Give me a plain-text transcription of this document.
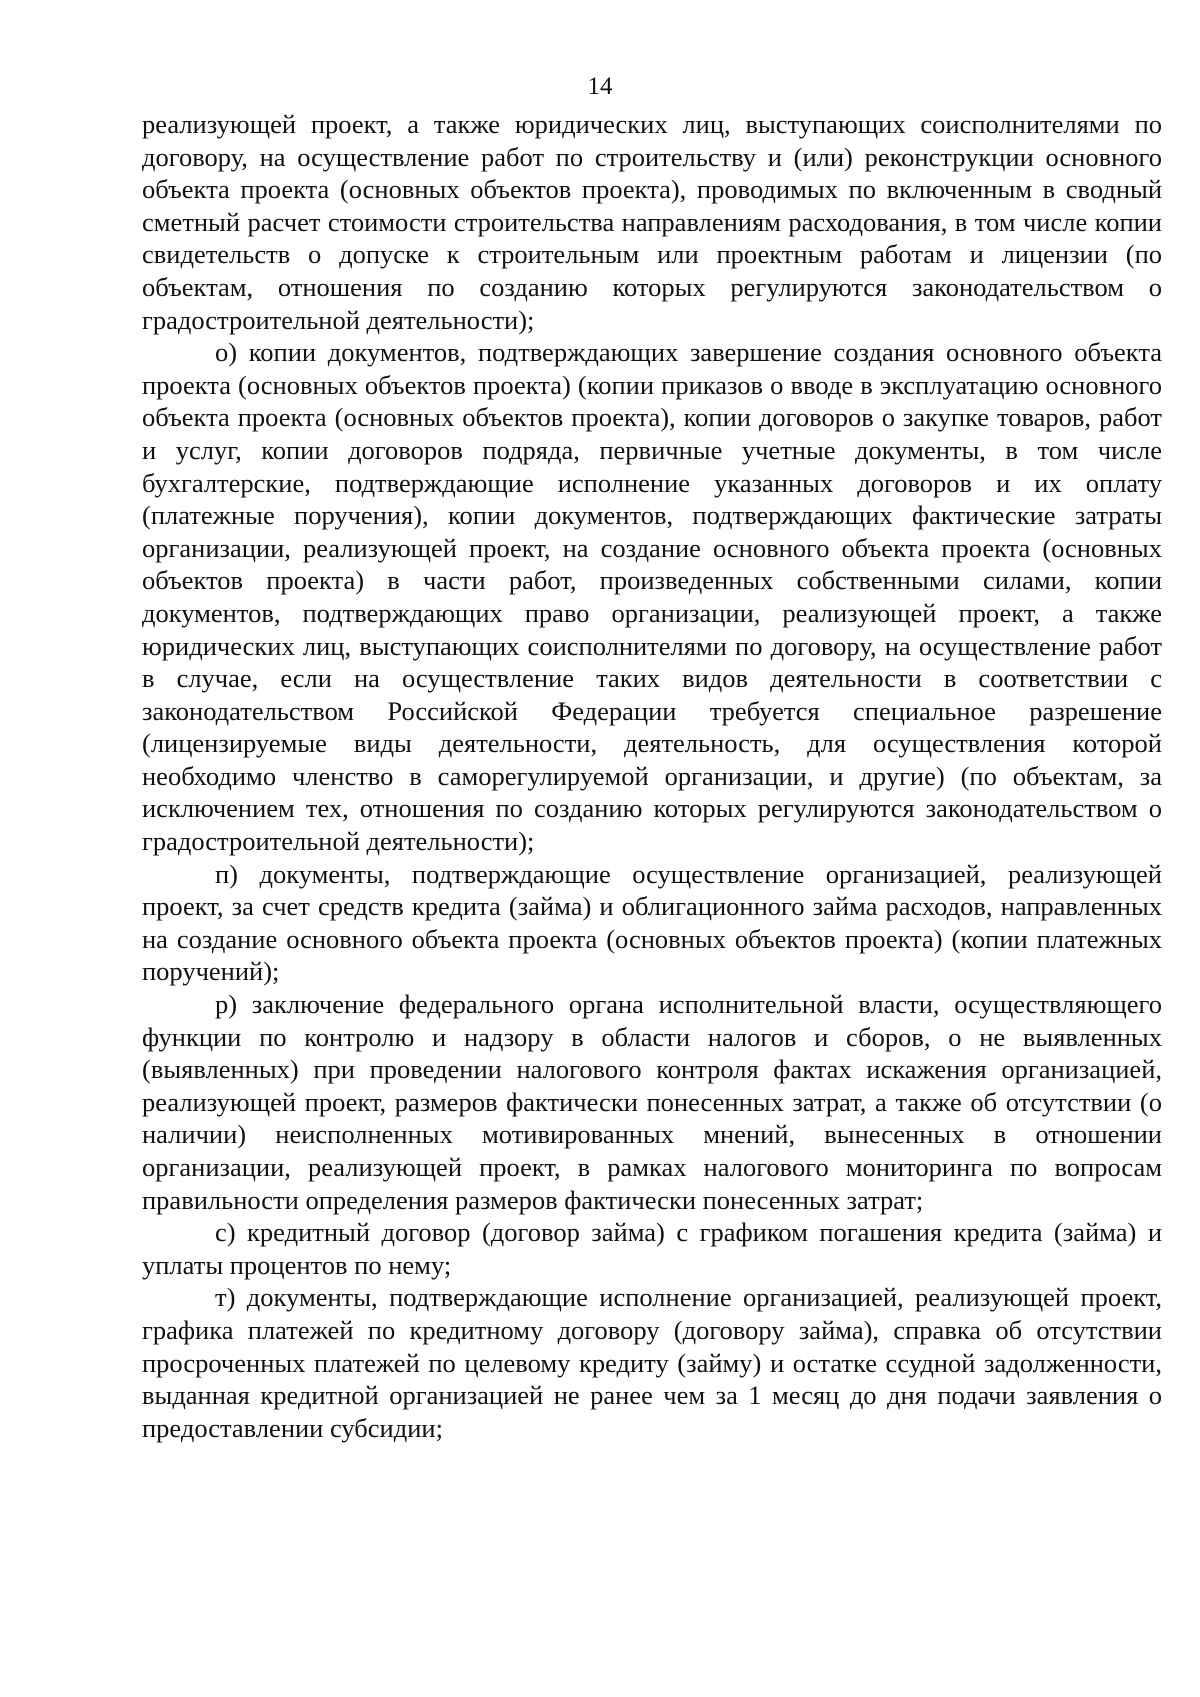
14

реализующей проект, а также юридических лиц, выступающих соисполнителями по договору, на осуществление работ по строительству и (или) реконструкции основного объекта проекта (основных объектов проекта), проводимых по включенным в сводный сметный расчет стоимости строительства направлениям расходования, в том числе копии свидетельств о допуске к строительным или проектным работам и лицензии (по объектам, отношения по созданию которых регулируются законодательством о градостроительной деятельности);

о) копии документов, подтверждающих завершение создания основного объекта проекта (основных объектов проекта) (копии приказов о вводе в эксплуатацию основного объекта проекта (основных объектов проекта), копии договоров о закупке товаров, работ и услуг, копии договоров подряда, первичные учетные документы, в том числе бухгалтерские, подтверждающие исполнение указанных договоров и их оплату (платежные поручения), копии документов, подтверждающих фактические затраты организации, реализующей проект, на создание основного объекта проекта (основных объектов проекта) в части работ, произведенных собственными силами, копии документов, подтверждающих право организации, реализующей проект, а также юридических лиц, выступающих соисполнителями по договору, на осуществление работ в случае, если на осуществление таких видов деятельности в соответствии с законодательством Российской Федерации требуется специальное разрешение (лицензируемые виды деятельности, деятельность, для осуществления которой необходимо членство в саморегулируемой организации, и другие) (по объектам, за исключением тех, отношения по созданию которых регулируются законодательством о градостроительной деятельности);

п) документы, подтверждающие осуществление организацией, реализующей проект, за счет средств кредита (займа) и облигационного займа расходов, направленных на создание основного объекта проекта (основных объектов проекта) (копии платежных поручений);

р) заключение федерального органа исполнительной власти, осуществляющего функции по контролю и надзору в области налогов и сборов, о не выявленных (выявленных) при проведении налогового контроля фактах искажения организацией, реализующей проект, размеров фактически понесенных затрат, а также об отсутствии (о наличии) неисполненных мотивированных мнений, вынесенных в отношении организации, реализующей проект, в рамках налогового мониторинга по вопросам правильности определения размеров фактически понесенных затрат;

с) кредитный договор (договор займа) с графиком погашения кредита (займа) и уплаты процентов по нему;

т) документы, подтверждающие исполнение организацией, реализующей проект, графика платежей по кредитному договору (договору займа), справка об отсутствии просроченных платежей по целевому кредиту (займу) и остатке ссудной задолженности, выданная кредитной организацией не ранее чем за 1 месяц до дня подачи заявления о предоставлении субсидии;
